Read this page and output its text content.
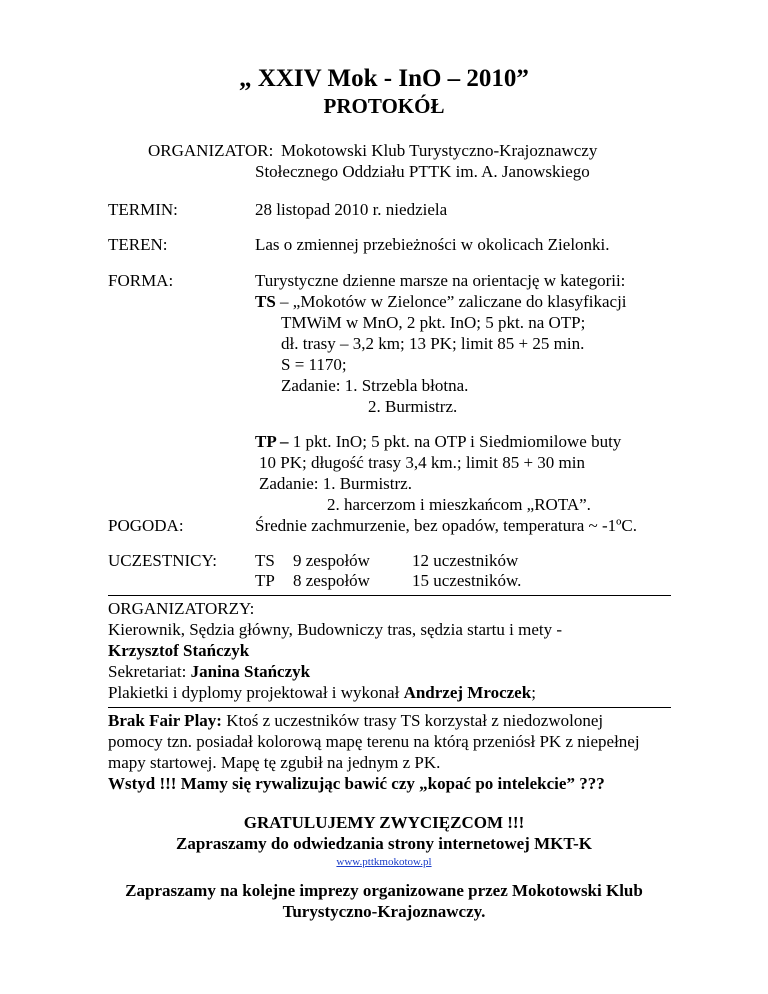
„ XXIV Mok - InO – 2010”
PROTOKÓŁ
ORGANIZATOR: Mokotowski Klub Turystyczno-Krajoznawczy
Stołecznego Oddziału PTTK im. A. Janowskiego
TERMIN:	28 listopad 2010 r. niedziela
TEREN:	Las o zmiennej przebieżności w okolicach Zielonki.
FORMA:	Turystyczne dzienne marsze na orientację w kategorii:
TS – „Mokotów w Zielonce” zaliczane do klasyfikacji
TMWiM w MnO, 2 pkt. InO; 5 pkt. na OTP;
dł. trasy – 3,2 km; 13 PK; limit 85 + 25 min.
S = 1170;
Zadanie: 1. Strzebla błotna.
2. Burmistrz.
TP – 1 pkt. InO; 5 pkt. na OTP i Siedmiomilowe buty
10 PK; długość trasy 3,4 km.; limit 85 + 30 min
Zadanie: 1. Burmistrz.
2. harcerzom i mieszkańcom „ROTA”.
POGODA:	Średnie zachmurzenie, bez opadów, temperatura ~ -1ºC.
UCZESTNICY: TS 9 zespołów 12 uczestników
TP 8 zespołów 15 uczestników.
ORGANIZATORZY:
Kierownik, Sędzia główny, Budowniczy tras, sędzia startu i mety -
Krzysztof Stańczyk
Sekretariat: Janina Stańczyk
Plakietki i dyplomy projektował i wykonał Andrzej Mroczek;
Brak Fair Play: Ktoś z uczestników trasy TS korzystał z niedozwolonej
pomocy tzn. posiadał kolorową mapę terenu na którą przeniósł PK z niepełnej
mapy startowej. Mapę tę zgubił na jednym z PK.
Wstyd !!! Mamy się rywalizując bawić czy „kopać po intelekcie” ???
GRATULUJEMY ZWYCIĘZCOM !!!
Zapraszamy do odwiedzania strony internetowej MKT-K
www.pttkmokotow.pl
Zapraszamy na kolejne imprezy organizowane przez Mokotowski Klub
Turystyczno-Krajoznawczy.
